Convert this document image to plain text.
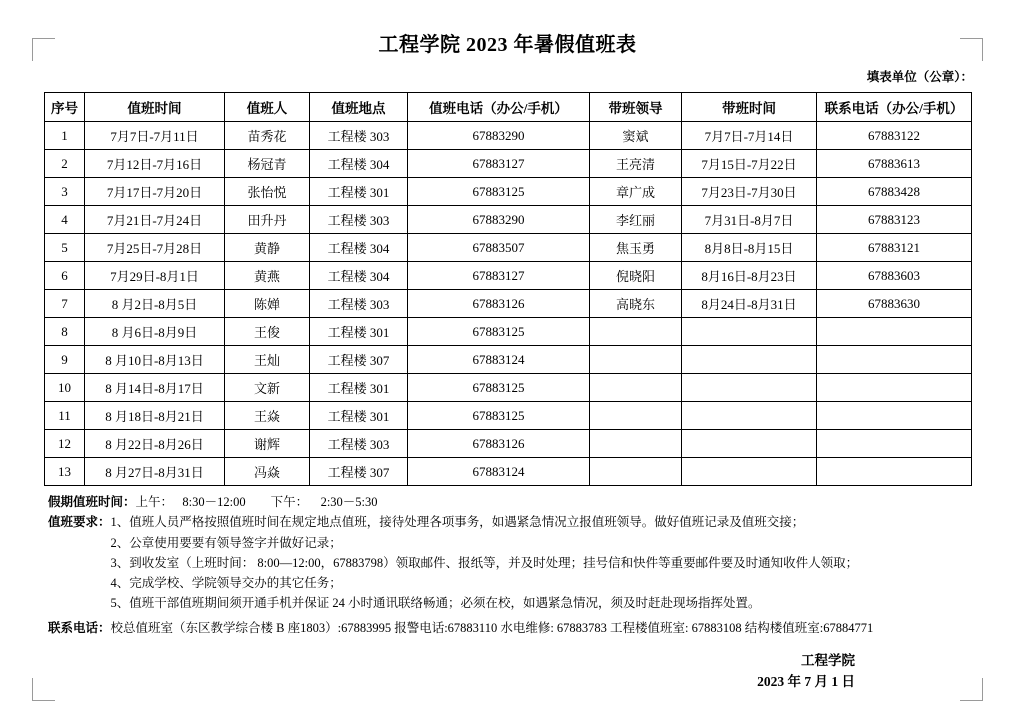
工程学院 2023 年暑假值班表
填表单位（公章）：
序号	值班时间	值班人	值班地点	值班电话（办公/手机）	带班领导	带班时间	联系电话（办公/手机）
1	7月7日-7月11日	苗秀花	工程楼 303	67883290	窦斌	7月7日-7月14日	67883122
2	7月12日-7月16日	杨冠青	工程楼 304	67883127	王亮清	7月15日-7月22日	67883613
3	7月17日-7月20日	张怡悦	工程楼 301	67883125	章广成	7月23日-7月30日	67883428
4	7月21日-7月24日	田升丹	工程楼 303	67883290	李红丽	7月31日-8月7日	67883123
5	7月25日-7月28日	黄静	工程楼 304	67883507	焦玉勇	8月8日-8月15日	67883121
6	7月29日-8月1日	黄燕	工程楼 304	67883127	倪晓阳	8月16日-8月23日	67883603
7	8 月2日-8月5日	陈婵	工程楼 303	67883126	高晓东	8月24日-8月31日	67883630
8	8 月6日-8月9日	王俊	工程楼 301	67883125			
9	8 月10日-8月13日	王灿	工程楼 307	67883124			
10	8 月14日-8月17日	文新	工程楼 301	67883125			
11	8 月18日-8月21日	王焱	工程楼 301	67883125			
12	8 月22日-8月26日	谢辉	工程楼 303	67883126			
13	8 月27日-8月31日	冯焱	工程楼 307	67883124			
假期值班时间： 上午：   8:30－12:00        下午：    2:30－5:30
值班要求： 1、值班人员严格按照值班时间在规定地点值班，接待处理各项事务，如遇紧急情况立报值班领导。做好值班记录及值班交接；
2、公章使用要要有领导签字并做好记录；
3、到收发室（上班时间： 8:00—12:00，67883798）领取邮件、报纸等，并及时处理；挂号信和快件等重要邮件要及时通知收件人领取；
4、完成学校、学院领导交办的其它任务；
5、值班干部值班期间须开通手机并保证 24 小时通讯联络畅通；必须在校，如遇紧急情况，须及时赶赴现场指挥处置。
联系电话：校总值班室（东区教学综合楼 B 座1803）:67883995 报警电话:67883110 水电维修: 67883783 工程楼值班室: 67883108 结构楼值班室:67884771
工程学院
2023 年 7 月 1 日
